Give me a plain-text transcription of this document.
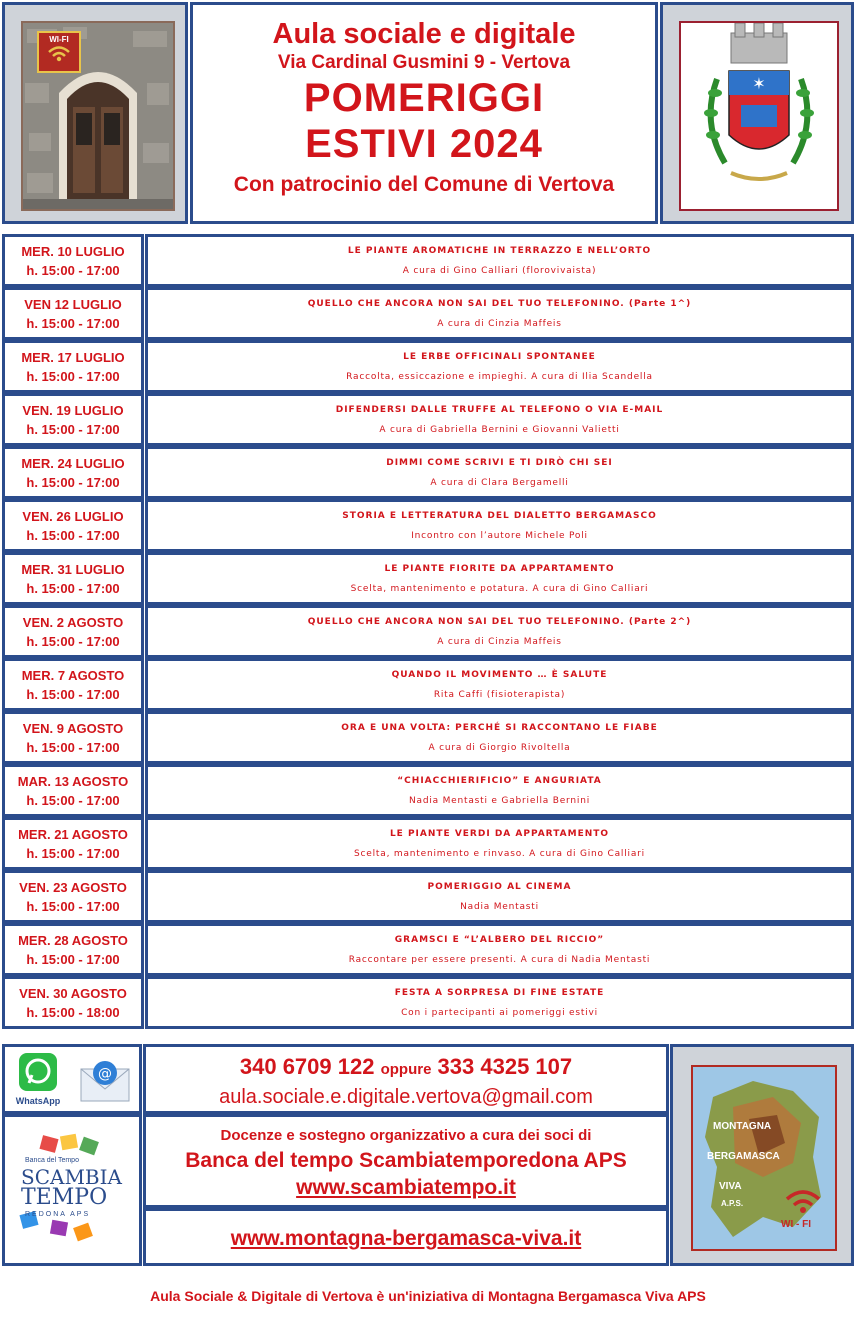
WI-FI	Aula sociale e digitale
Via Cardinal Gusmini 9 - Vertova
POMERIGGI
ESTIVI 2024
Con patrocinio del Comune di Vertova
✶
MER. 10 LUGLIO
h. 15:00 - 17:00
LE PIANTE AROMATICHE IN TERRAZZO E NELL’ORTO
A cura di Gino Calliari (florovivaista)
VEN 12 LUGLIO
h. 15:00 - 17:00
QUELLO CHE ANCORA NON SAI DEL TUO TELEFONINO. (Parte 1^)
A cura di Cinzia Maffeis
MER. 17 LUGLIO
h. 15:00 - 17:00
LE ERBE OFFICINALI SPONTANEE
Raccolta, essiccazione e impieghi. A cura di Ilia Scandella
VEN. 19 LUGLIO
h. 15:00 - 17:00
DIFENDERSI DALLE TRUFFE AL TELEFONO O VIA E-MAIL
A cura di Gabriella Bernini e Giovanni Valietti
MER. 24 LUGLIO
h. 15:00 - 17:00
DIMMI COME SCRIVI E TI DIRÒ CHI SEI
A cura di Clara Bergamelli
VEN. 26 LUGLIO
h. 15:00 - 17:00
STORIA E LETTERATURA DEL DIALETTO BERGAMASCO
Incontro con l’autore Michele Poli
MER. 31 LUGLIO
h. 15:00 - 17:00
LE PIANTE FIORITE DA APPARTAMENTO
Scelta, mantenimento e potatura. A cura di Gino Calliari
VEN. 2 AGOSTO
h. 15:00 - 17:00
QUELLO CHE ANCORA NON SAI DEL TUO TELEFONINO. (Parte 2^)
A cura di Cinzia Maffeis
MER. 7 AGOSTO
h. 15:00 - 17:00
QUANDO IL MOVIMENTO … È SALUTE
Rita Caffi (fisioterapista)
VEN. 9 AGOSTO
h. 15:00 - 17:00
ORA E UNA VOLTA: PERCHÉ SI RACCONTANO LE FIABE
A cura di Giorgio Rivoltella
MAR. 13 AGOSTO
h. 15:00 - 17:00
“CHIACCHIERIFICIO” E ANGURIATA
Nadia Mentasti e Gabriella Bernini
MER. 21 AGOSTO
h. 15:00 - 17:00
LE PIANTE VERDI DA APPARTAMENTO
Scelta, mantenimento e rinvaso. A cura di Gino Calliari
VEN. 23 AGOSTO
h. 15:00 - 17:00
POMERIGGIO AL CINEMA
Nadia Mentasti
MER. 28 AGOSTO
h. 15:00 - 17:00
GRAMSCI E “L’ALBERO DEL RICCIO”
Raccontare per essere presenti. A cura di Nadia Mentasti
VEN. 30 AGOSTO
h. 15:00 - 18:00
FESTA A SORPRESA DI FINE ESTATE
Con i partecipanti ai pomeriggi estivi
WhatsApp
@
Banca del Tempo
SCAMBIA
TEMPO
REDONA APS
340 6709 122 oppure 333 4325 107
aula.sociale.e.digitale.vertova@gmail.com
Docenze e sostegno organizzativo a cura dei soci di
Banca del tempo Scambiatemporedona APS
www.scambiatempo.it
www.montagna-bergamasca-viva.it
MONTAGNA
BERGAMASCA
VIVA
A.P.S.
WI - FI
Aula Sociale & Digitale di Vertova è un'iniziativa di Montagna Bergamasca Viva APS
